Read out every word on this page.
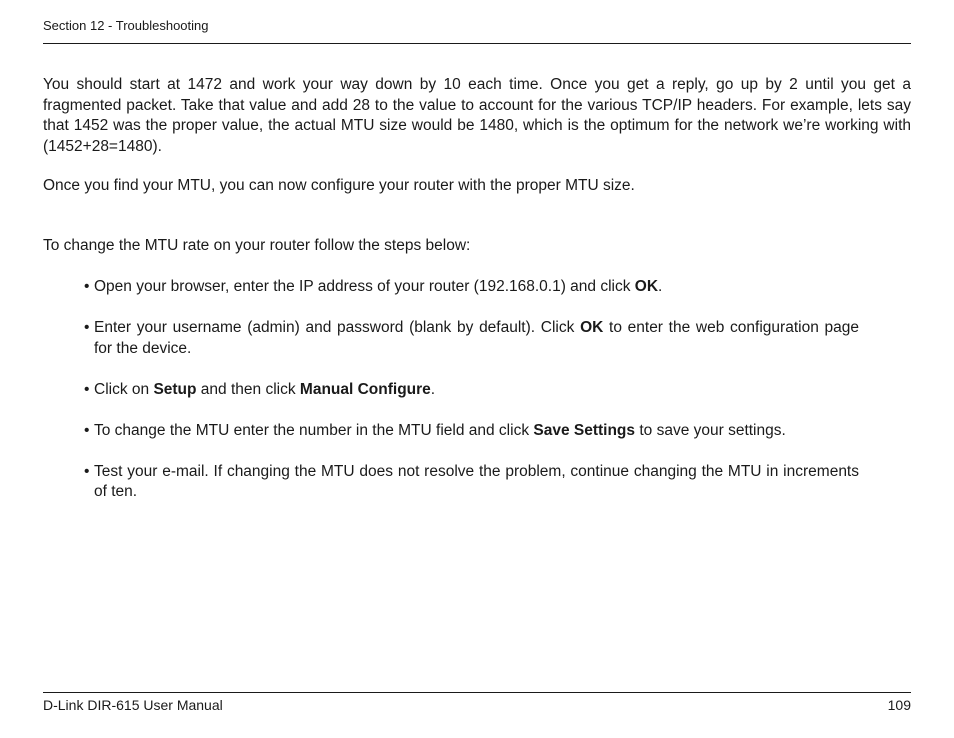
Section 12 - Troubleshooting

You should start at 1472 and work your way down by 10 each time. Once you get a reply, go up by 2 until you get a fragmented packet. Take that value and add 28 to the value to account for the various TCP/IP headers. For example, lets say that 1452 was the proper value, the actual MTU size would be 1480, which is the optimum for the network we’re working with (1452+28=1480).

Once you find your MTU, you can now configure your router with the proper MTU size.

To change the MTU rate on your router follow the steps below:

• Open your browser, enter the IP address of your router (192.168.0.1) and click OK.
• Enter your username (admin) and password (blank by default). Click OK to enter the web configuration page for the device.
• Click on Setup and then click Manual Configure.
• To change the MTU enter the number in the MTU field and click Save Settings to save your settings.
• Test your e-mail. If changing the MTU does not resolve the problem, continue changing the MTU in increments of ten.
D-Link DIR-615 User Manual	109
